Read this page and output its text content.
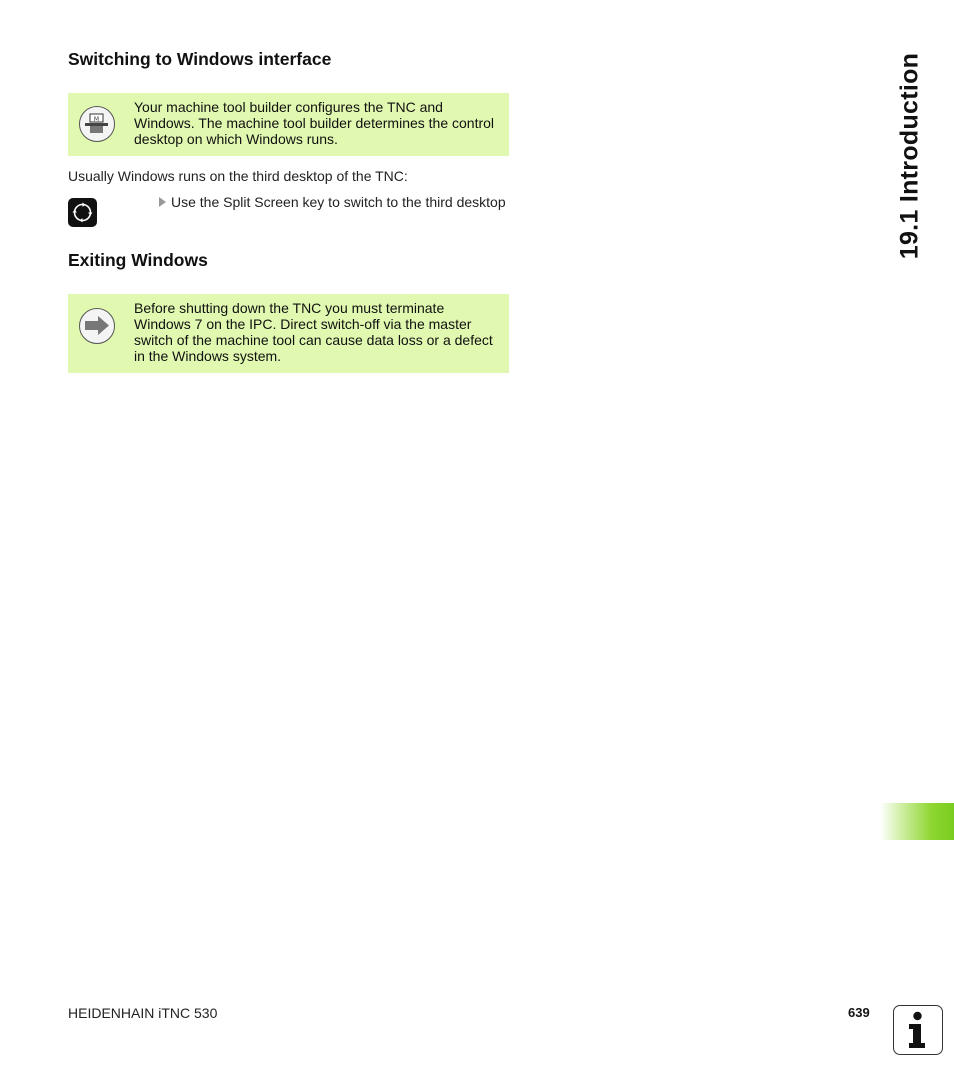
Switching to Windows interface
M

Your machine tool builder configures the TNC and Windows. The machine tool builder determines the control desktop on which Windows runs.

Usually Windows runs on the third desktop of the TNC:

Use the Split Screen key to switch to the third desktop

Exiting Windows

Before shutting down the TNC you must terminate Windows 7 on the IPC. Direct switch-off via the master switch of the machine tool can cause data loss or a defect in the Windows system.

19.1 Introduction

HEIDENHAIN iTNC 530	639
